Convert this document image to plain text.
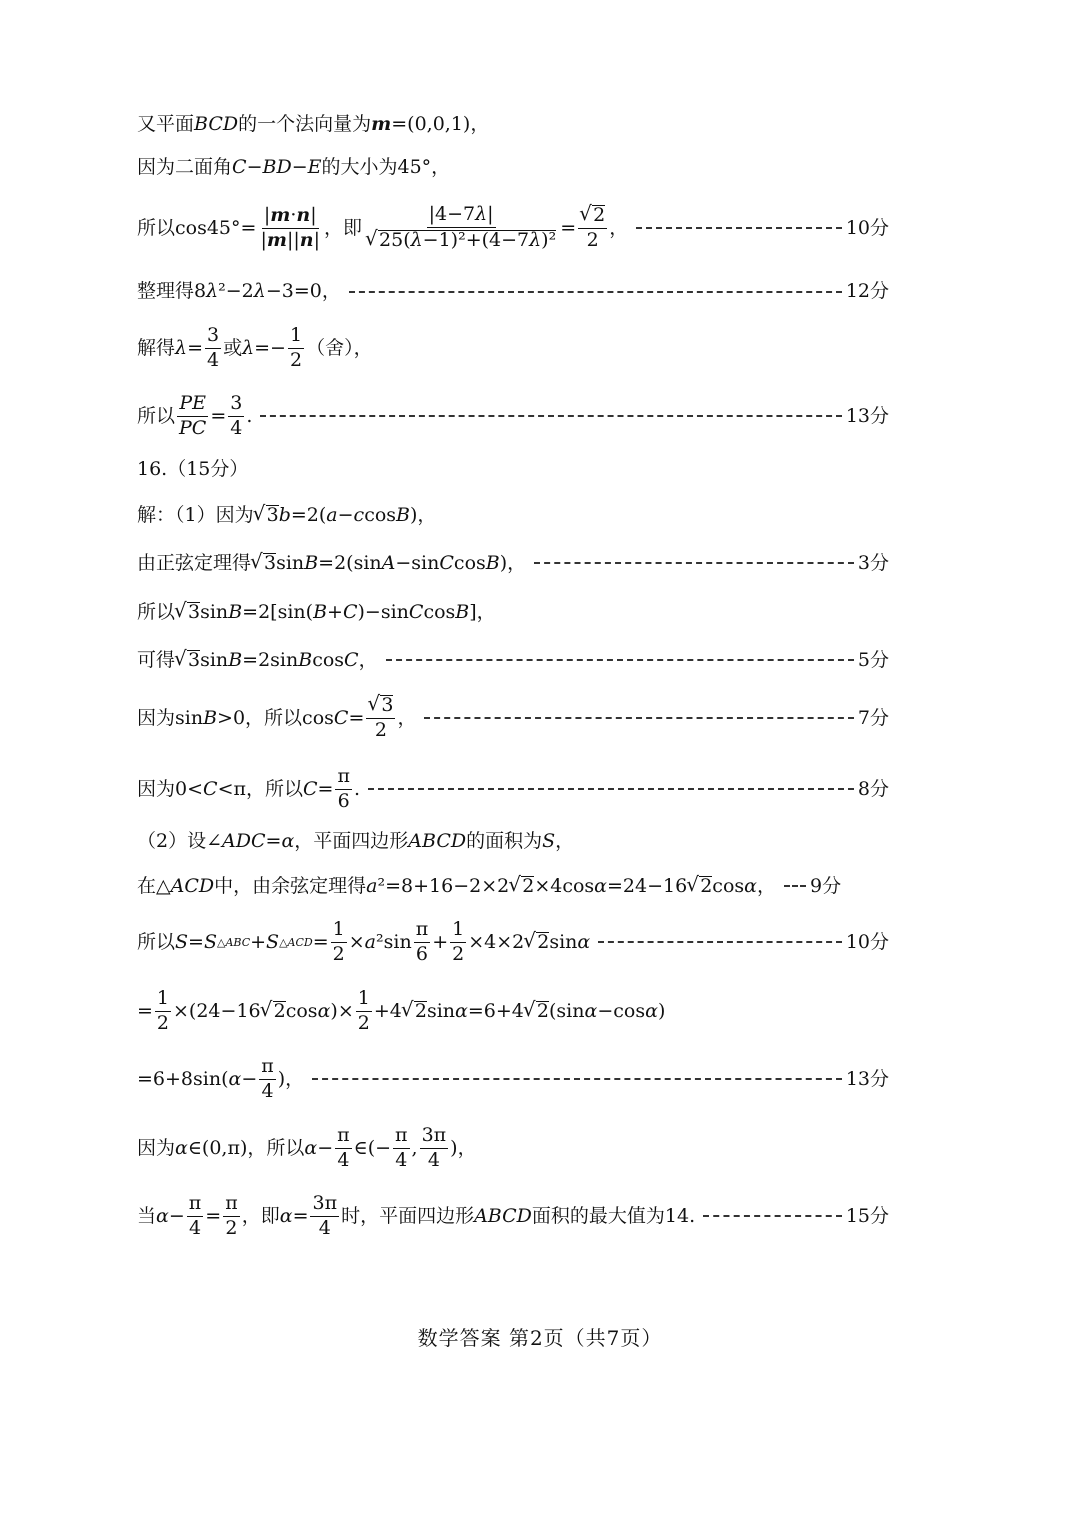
又平面 BCD 的一个法向量为 m =(0,0,1)，
因为二面角 C − BD − E 的大小为45°，
所以$\cos 45^\circ= \frac{|m\cdot n|}{|m||n|}$ ，即 |4−7λ|
√ 25(λ−1)²+(4−7λ)² = √ $\frac{2}{2}$ ，	10分
整理得8 λ ²−2 λ −3=0，	12分
解得 $\lambda = \frac{3}{4}$ 或 $\lambda =- \frac{1}{2}$ （舍），
所以 $\frac{PE}{PC} = \frac{3}{4}$ .	13分
16.（15分）
解：（1）因为 √ 3 b =2( a − c cos B )，
由正弦定理得 √ 3 sin B =2(sin A −sin C cos B )，	3分
所以 √ 3 sin B =2[sin( B + C )−sin C cos B ]，
可得 √ 3 sin B =2sin B cos C ，	5分
因为sin B >0，所以cos C = √ $\frac{3}{2}$ ，	7分
因为0< C <π，所以 $C = \frac{\pi}{6}$ .	8分
（2）设∠ ADC = α ，平面四边形 ABCD 的面积为 S ，
在△ ACD 中，由余弦定理得 a ²=8+16−2×2 √ 2 ×4cos α =24−16 √ 2 cos α ， 9分
所以 S = S △ABC + S △ACD = $\frac{1}{2} \times a$ $^2\sin \frac{\pi}{6} + \frac{1}{2} \times 4\times 2$ √ 2 sin α	10分
= $\frac{1}{2} \times(24-16$ √ 2 cos α )× $\frac{1}{2} +4$ √ 2 sin α =6+4 √ 2 (sin α −cos α )
=6+8sin( $\alpha - \frac{\pi}{4}$ )，	13分
因为 α ∈(0,π)，所以 $\alpha - \frac{\pi}{4}$ ∈(− $\frac{\pi}{4}$ , $\frac{3\pi}{4}$ )，
当 $\alpha - \frac{\pi}{4} = \frac{\pi}{2}$ ，即 $\alpha = \frac{3\pi}{4}$ 时，平面四边形 ABCD 面积的最大值为14.	15分
数学答案 第2页（共7页）
